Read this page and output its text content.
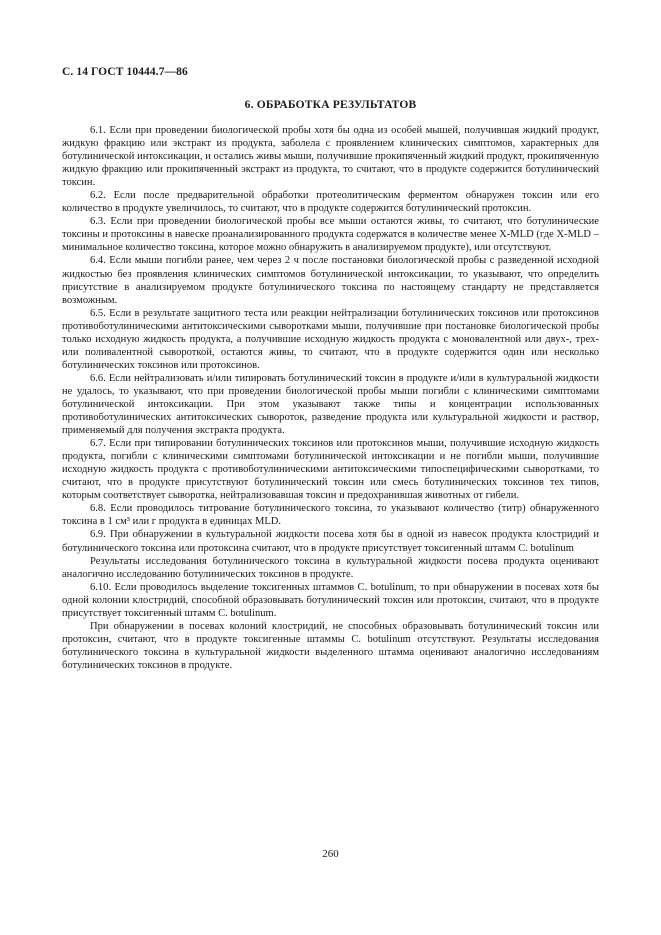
С. 14 ГОСТ 10444.7—86
6. ОБРАБОТКА РЕЗУЛЬТАТОВ

6.1. Если при проведении биологической пробы хотя бы одна из особей мышей, получившая жидкий продукт, жидкую фракцию или экстракт из продукта, заболела с проявлением клинических симптомов, характерных для ботулинической интоксикации, и остались живы мыши, получившие прокипяченный жидкий продукт, прокипяченную жидкую фракцию или прокипяченный экстракт из продукта, то считают, что в продукте содержится ботулинический токсин.

6.2. Если после предварительной обработки протеолитическим ферментом обнаружен токсин или его количество в продукте увеличилось, то считают, что в продукте содержится ботулинический протоксин.

6.3. Если при проведении биологической пробы все мыши остаются живы, то считают, что ботулинические токсины и протоксины в навеске проанализированного продукта содержатся в количестве менее X-MLD (где X-MLD – минимальное количество токсина, которое можно обнаружить в анализируемом продукте), или отсутствуют.

6.4. Если мыши погибли ранее, чем через 2 ч после постановки биологической пробы с разведенной исходной жидкостью без проявления клинических симптомов ботулинической интоксикации, то указывают, что определить присутствие в анализируемом продукте ботулинического токсина по настоящему стандарту не представляется возможным.

6.5. Если в результате защитного теста или реакции нейтрализации ботулинических токсинов или протоксинов противоботулиническими антитоксическими сыворотками мыши, получившие при постановке биологической пробы только исходную жидкость продукта, а получившие исходную жидкость продукта с моновалентной или двух-, трех- или поливалентной сывороткой, остаются живы, то считают, что в продукте содержится один или несколько ботулинических токсинов или протоксинов.

6.6. Если нейтрализовать и/или типировать ботулинический токсин в продукте и/или в культуральной жидкости не удалось, то указывают, что при проведении биологической пробы мыши погибли с клиническими симптомами ботулинической интоксикации. При этом указывают также типы и концентрации использованных противоботулинических антитоксических сывороток, разведение продукта или культуральной жидкости и раствор, применяемый для получения экстракта продукта.

6.7. Если при типировании ботулинических токсинов или протоксинов мыши, получившие исходную жидкость продукта, погибли с клиническими симптомами ботулинической интоксикации и не погибли мыши, получившие исходную жидкость продукта с противоботулиническими антитоксическими типоспецифическими сыворотками, то считают, что в продукте присутствуют ботулинический токсин или смесь ботулинических токсинов тех типов, которым соответствует сыворотка, нейтрализовавшая токсин и предохранившая животных от гибели.

6.8. Если проводилось титрование ботулинического токсина, то указывают количество (титр) обнаруженного токсина в 1 см³ или г продукта в единицах MLD.

6.9. При обнаружении в культуральной жидкости посева хотя бы в одной из навесок продукта клостридий и ботулинического токсина или протоксина считают, что в продукте присутствует токсигенный штамм C. botulinum

Результаты исследования ботулинического токсина в культуральной жидкости посева продукта оценивают аналогично исследованию ботулинических токсинов в продукте.

6.10. Если проводилось выделение токсигенных штаммов C. botulinum, то при обнаружении в посевах хотя бы одной колонии клостридий, способной образовывать ботулинический токсин или протоксин, считают, что в продукте присутствует токсигенный штамм C. botulinum.

При обнаружении в посевах колоний клостридий, не способных образовывать ботулинический токсин или протоксин, считают, что в продукте токсигенные штаммы C. botulinum отсутствуют. Результаты исследования ботулинического токсина в культуральной жидкости выделенного штамма оценивают аналогично исследованиям ботулинических токсинов в продукте.

260
